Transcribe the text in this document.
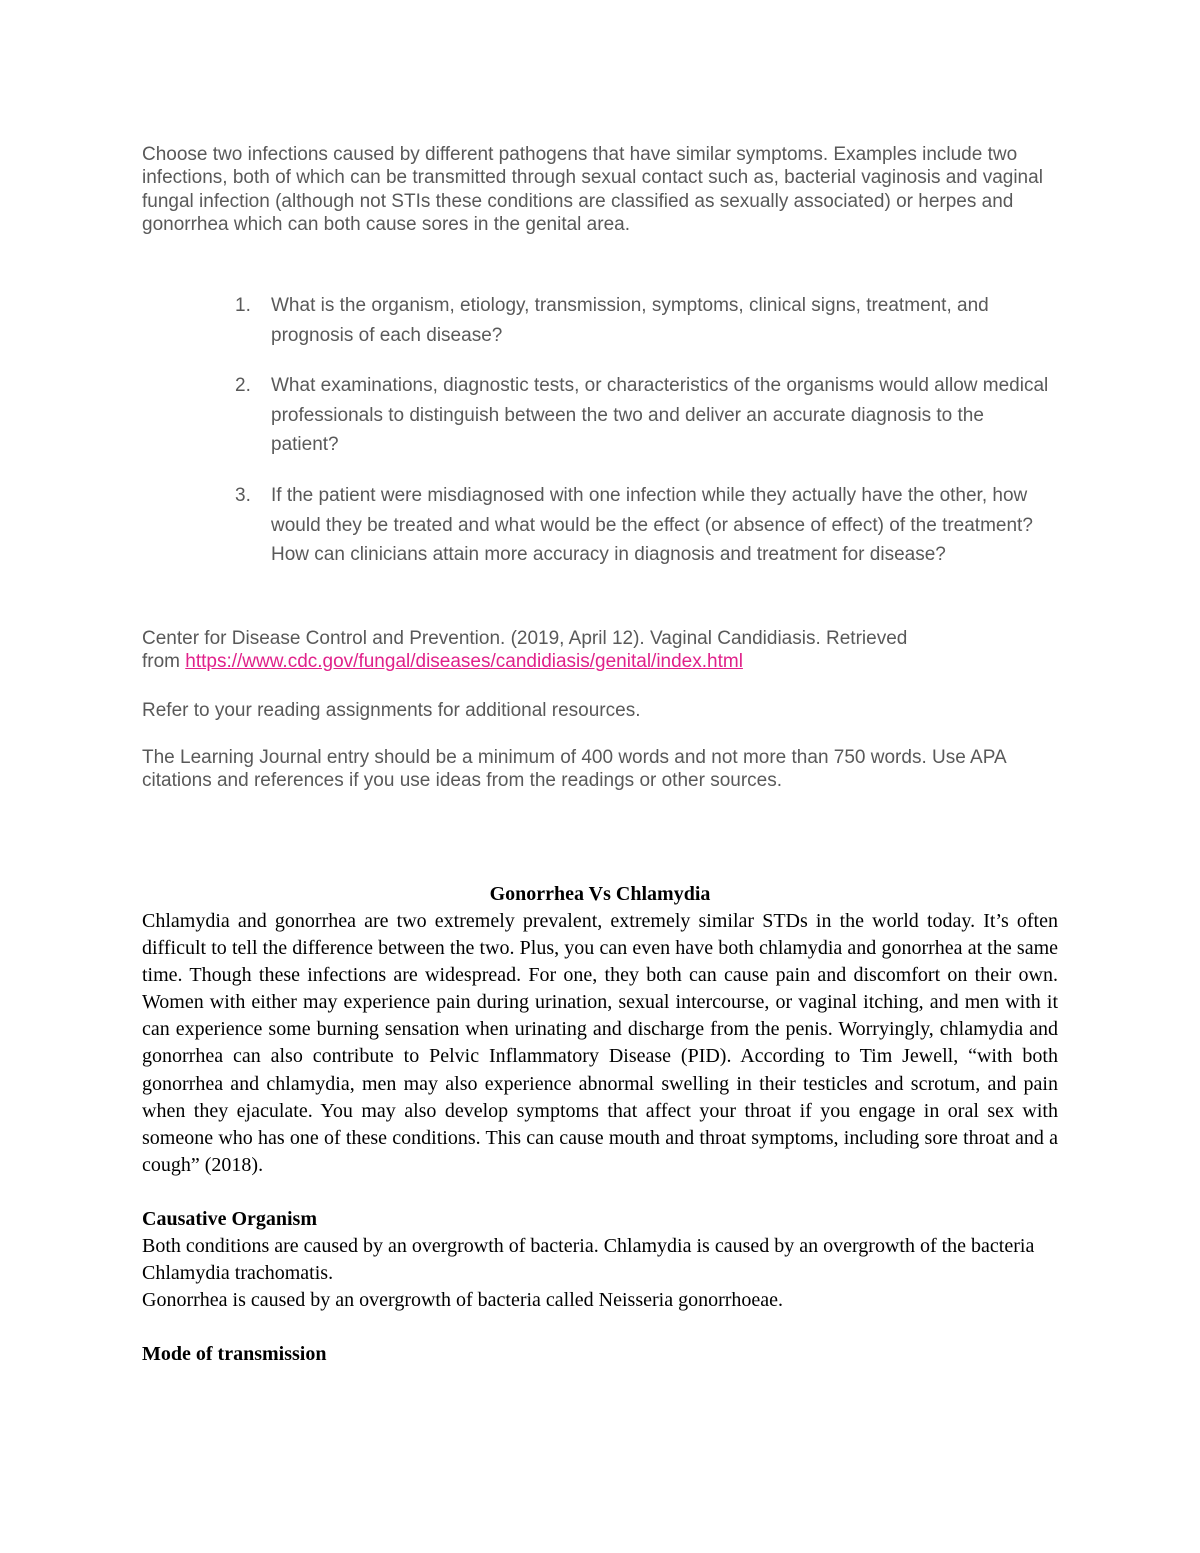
Choose two infections caused by different pathogens that have similar symptoms. Examples include two infections, both of which can be transmitted through sexual contact such as, bacterial vaginosis and vaginal fungal infection (although not STIs these conditions are classified as sexually associated) or herpes and gonorrhea which can both cause sores in the genital area.

1. What is the organism, etiology, transmission, symptoms, clinical signs, treatment, and prognosis of each disease?
2. What examinations, diagnostic tests, or characteristics of the organisms would allow medical professionals to distinguish between the two and deliver an accurate diagnosis to the patient?
3. If the patient were misdiagnosed with one infection while they actually have the other, how would they be treated and what would be the effect (or absence of effect) of the treatment? How can clinicians attain more accuracy in diagnosis and treatment for disease?

Center for Disease Control and Prevention. (2019, April 12). Vaginal Candidiasis. Retrieved
from https://www.cdc.gov/fungal/diseases/candidiasis/genital/index.html

Refer to your reading assignments for additional resources.

The Learning Journal entry should be a minimum of 400 words and not more than 750 words. Use APA citations and references if you use ideas from the readings or other sources.

Gonorrhea Vs Chlamydia

Chlamydia and gonorrhea are two extremely prevalent, extremely similar STDs in the world today. It’s often difficult to tell the difference between the two. Plus, you can even have both chlamydia and gonorrhea at the same time. Though these infections are widespread. For one, they both can cause pain and discomfort on their own. Women with either may experience pain during urination, sexual intercourse, or vaginal itching, and men with it can experience some burning sensation when urinating and discharge from the penis. Worryingly, chlamydia and gonorrhea can also contribute to Pelvic Inflammatory Disease (PID). According to Tim Jewell, “with both gonorrhea and chlamydia, men may also experience abnormal swelling in their testicles and scrotum, and pain when they ejaculate. You may also develop symptoms that affect your throat if you engage in oral sex with someone who has one of these conditions. This can cause mouth and throat symptoms, including sore throat and a cough” (2018).

Causative Organism

Both conditions are caused by an overgrowth of bacteria. Chlamydia is caused by an overgrowth of the bacteria Chlamydia trachomatis.

Gonorrhea is caused by an overgrowth of bacteria called Neisseria gonorrhoeae.

Mode of transmission
